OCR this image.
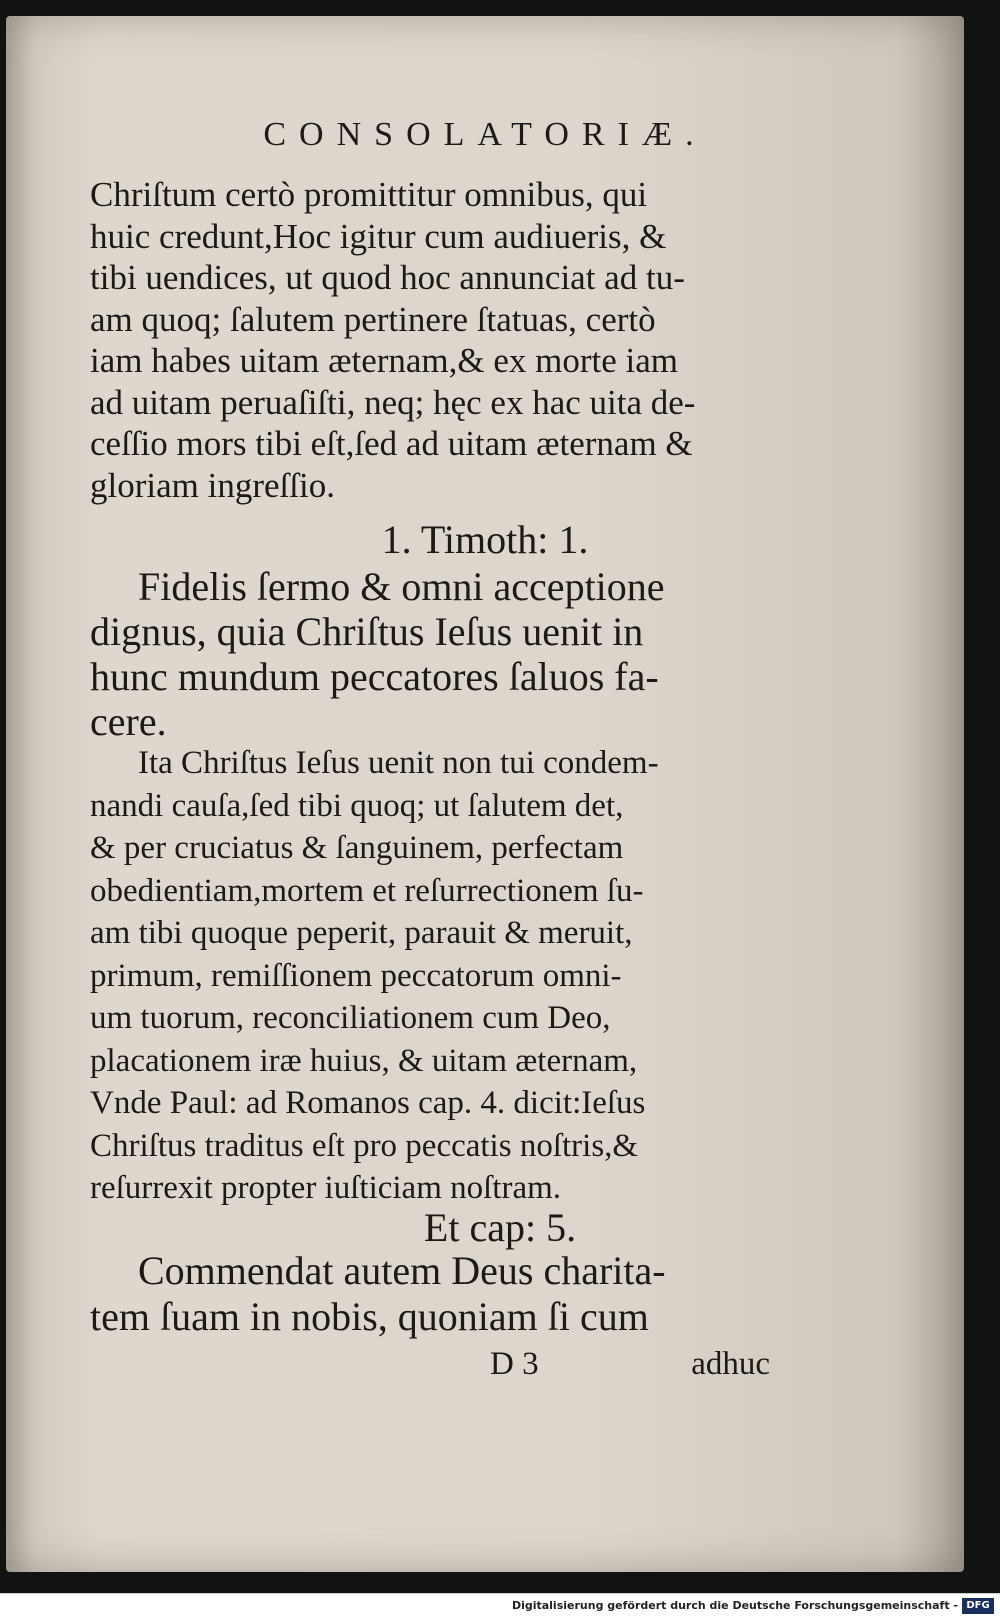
CONSOLATORIÆ.
Chriſtum certò promittitur omnibus, qui
huic credunt,Hoc igitur cum audiueris, &
tibi uendices, ut quod hoc annunciat ad tu-
am quoq; ſalutem pertinere ſtatuas, certò
iam habes uitam æternam,& ex morte iam
ad uitam peruaſiſti, neq; hęc ex hac uita de-
ceſſio mors tibi eſt,ſed ad uitam æternam &
gloriam ingreſſio.
1. Timoth: 1.
Fidelis ſermo & omni acceptione
dignus, quia Chriſtus Ieſus uenit in
hunc mundum peccatores ſaluos fa-
cere.
Ita Chriſtus Ieſus uenit non tui condem-
nandi cauſa,ſed tibi quoq; ut ſalutem det,
& per cruciatus & ſanguinem, perfectam
obedientiam,mortem et reſurrectionem ſu-
am tibi quoque peperit, parauit & meruit,
primum, remiſſionem peccatorum omni-
um tuorum, reconciliationem cum Deo,
placationem iræ huius, & uitam æternam,
Vnde Paul: ad Romanos cap. 4. dicit:Ieſus
Chriſtus traditus eſt pro peccatis noſtris,&
reſurrexit propter iuſticiam noſtram.
Et cap: 5.
Commendat autem Deus charita-
tem ſuam in nobis, quoniam ſi cum
D 3	adhuc
Digitalisierung gefördert durch die Deutsche Forschungsgemeinschaft - DFG
